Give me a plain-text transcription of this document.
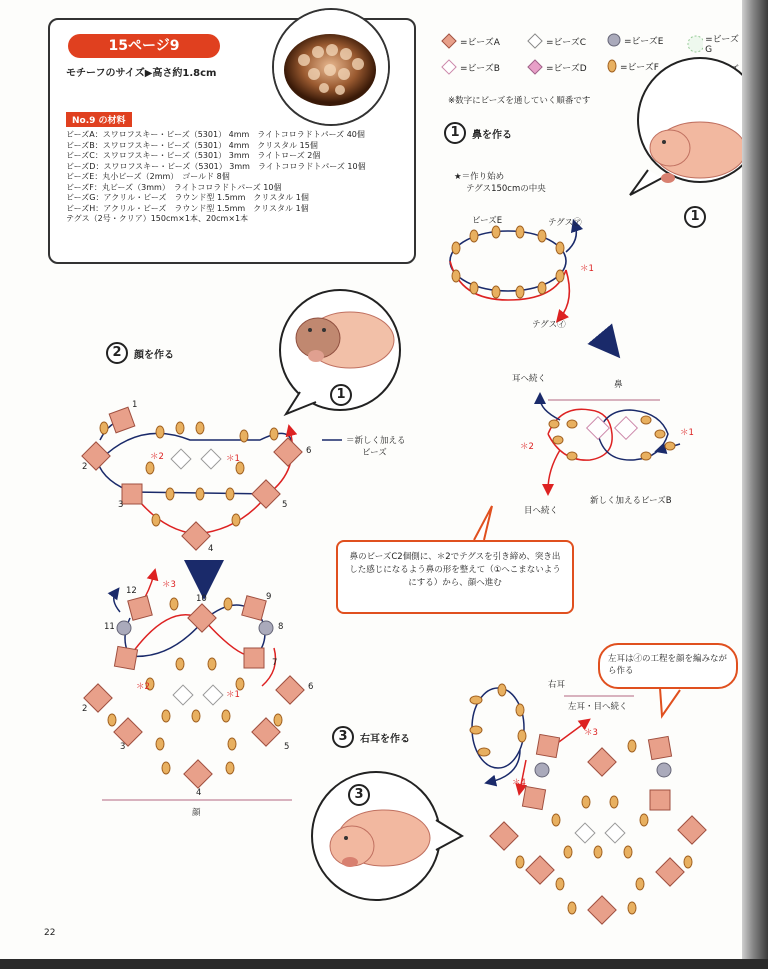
15ページ9
モチーフのサイズ▶高さ約1.8cm
No.9 の材料
ビーズA：スワロフスキー・ビーズ（5301） 4mm　ライトコロラドトパーズ 40個
ビーズB：スワロフスキー・ビーズ（5301） 4mm　クリスタル 15個
ビーズC：スワロフスキー・ビーズ（5301） 3mm　ライトローズ 2個
ビーズD：スワロフスキー・ビーズ（5301） 3mm　ライトコロラドトパーズ 10個
ビーズE：丸小ビーズ（2mm）　ゴールド 8個
ビーズF：丸ビーズ（3mm）　ライトコロラドトパーズ 10個
ビーズG：アクリル・ビーズ　ラウンド型 1.5mm　クリスタル 1個
ビーズH：アクリル・ビーズ　ラウンド型 1.5mm　クリスタル 1個
テグス（2号・クリア）150cm×1本、20cm×1本
No.9
=ビーズA	=ビーズC	=ビーズE	=ビーズG
=ビーズB	=ビーズD	=ビーズF
※数字にビーズを通していく順番です
1	鼻を作る
2	顔を作る
3	右耳を作る
1
1
3
★＝作り始め
テグス150cmの中央
ビーズE	テグス㋐
テグス㋑
＊1
耳へ続く
鼻
目へ続く
新しく加えるビーズB
＊1
＊2
＝新しく加える
ビーズ
＊1
＊2
＊3
1
2
3
4
5
6
12
10	9
11	8
7
6
2
3
4
5
＊1
＊2
顔
鼻のビーズC2個側に、＊2でテグスを引き締め、突き出した感じになるよう鼻の形を整えて（①へこまないようにする）から、顔へ進む
左耳は㋑の工程を顔を編みながら作る
右耳
左耳・目へ続く
＊3
＊4
22
